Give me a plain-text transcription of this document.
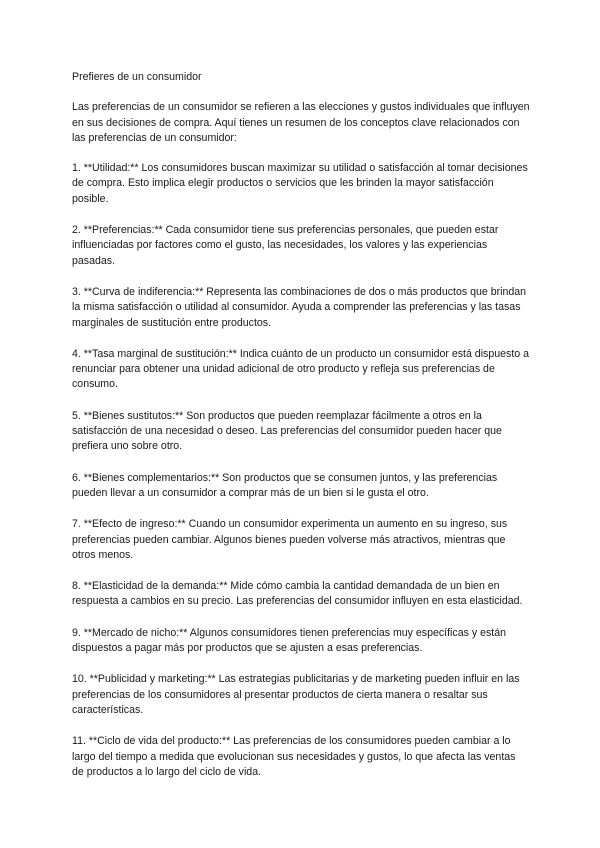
Prefieres de un consumidor

Las preferencias de un consumidor se refieren a las elecciones y gustos individuales que influyen en sus decisiones de compra. Aquí tienes un resumen de los conceptos clave relacionados con las preferencias de un consumidor:

1. **Utilidad:** Los consumidores buscan maximizar su utilidad o satisfacción al tomar decisiones de compra. Esto implica elegir productos o servicios que les brinden la mayor satisfacción posible.

2. **Preferencias:** Cada consumidor tiene sus preferencias personales, que pueden estar influenciadas por factores como el gusto, las necesidades, los valores y las experiencias pasadas.

3. **Curva de indiferencia:** Representa las combinaciones de dos o más productos que brindan la misma satisfacción o utilidad al consumidor. Ayuda a comprender las preferencias y las tasas marginales de sustitución entre productos.

4. **Tasa marginal de sustitución:** Indica cuánto de un producto un consumidor está dispuesto a renunciar para obtener una unidad adicional de otro producto y refleja sus preferencias de consumo.

5. **Bienes sustitutos:** Son productos que pueden reemplazar fácilmente a otros en la satisfacción de una necesidad o deseo. Las preferencias del consumidor pueden hacer que prefiera uno sobre otro.

6. **Bienes complementarios:** Son productos que se consumen juntos, y las preferencias pueden llevar a un consumidor a comprar más de un bien si le gusta el otro.

7. **Efecto de ingreso:** Cuando un consumidor experimenta un aumento en su ingreso, sus preferencias pueden cambiar. Algunos bienes pueden volverse más atractivos, mientras que otros menos.

8. **Elasticidad de la demanda:** Mide cómo cambia la cantidad demandada de un bien en respuesta a cambios en su precio. Las preferencias del consumidor influyen en esta elasticidad.

9. **Mercado de nicho:** Algunos consumidores tienen preferencias muy específicas y están dispuestos a pagar más por productos que se ajusten a esas preferencias.

10. **Publicidad y marketing:** Las estrategias publicitarias y de marketing pueden influir en las preferencias de los consumidores al presentar productos de cierta manera o resaltar sus características.

11. **Ciclo de vida del producto:** Las preferencias de los consumidores pueden cambiar a lo largo del tiempo a medida que evolucionan sus necesidades y gustos, lo que afecta las ventas de productos a lo largo del ciclo de vida.
